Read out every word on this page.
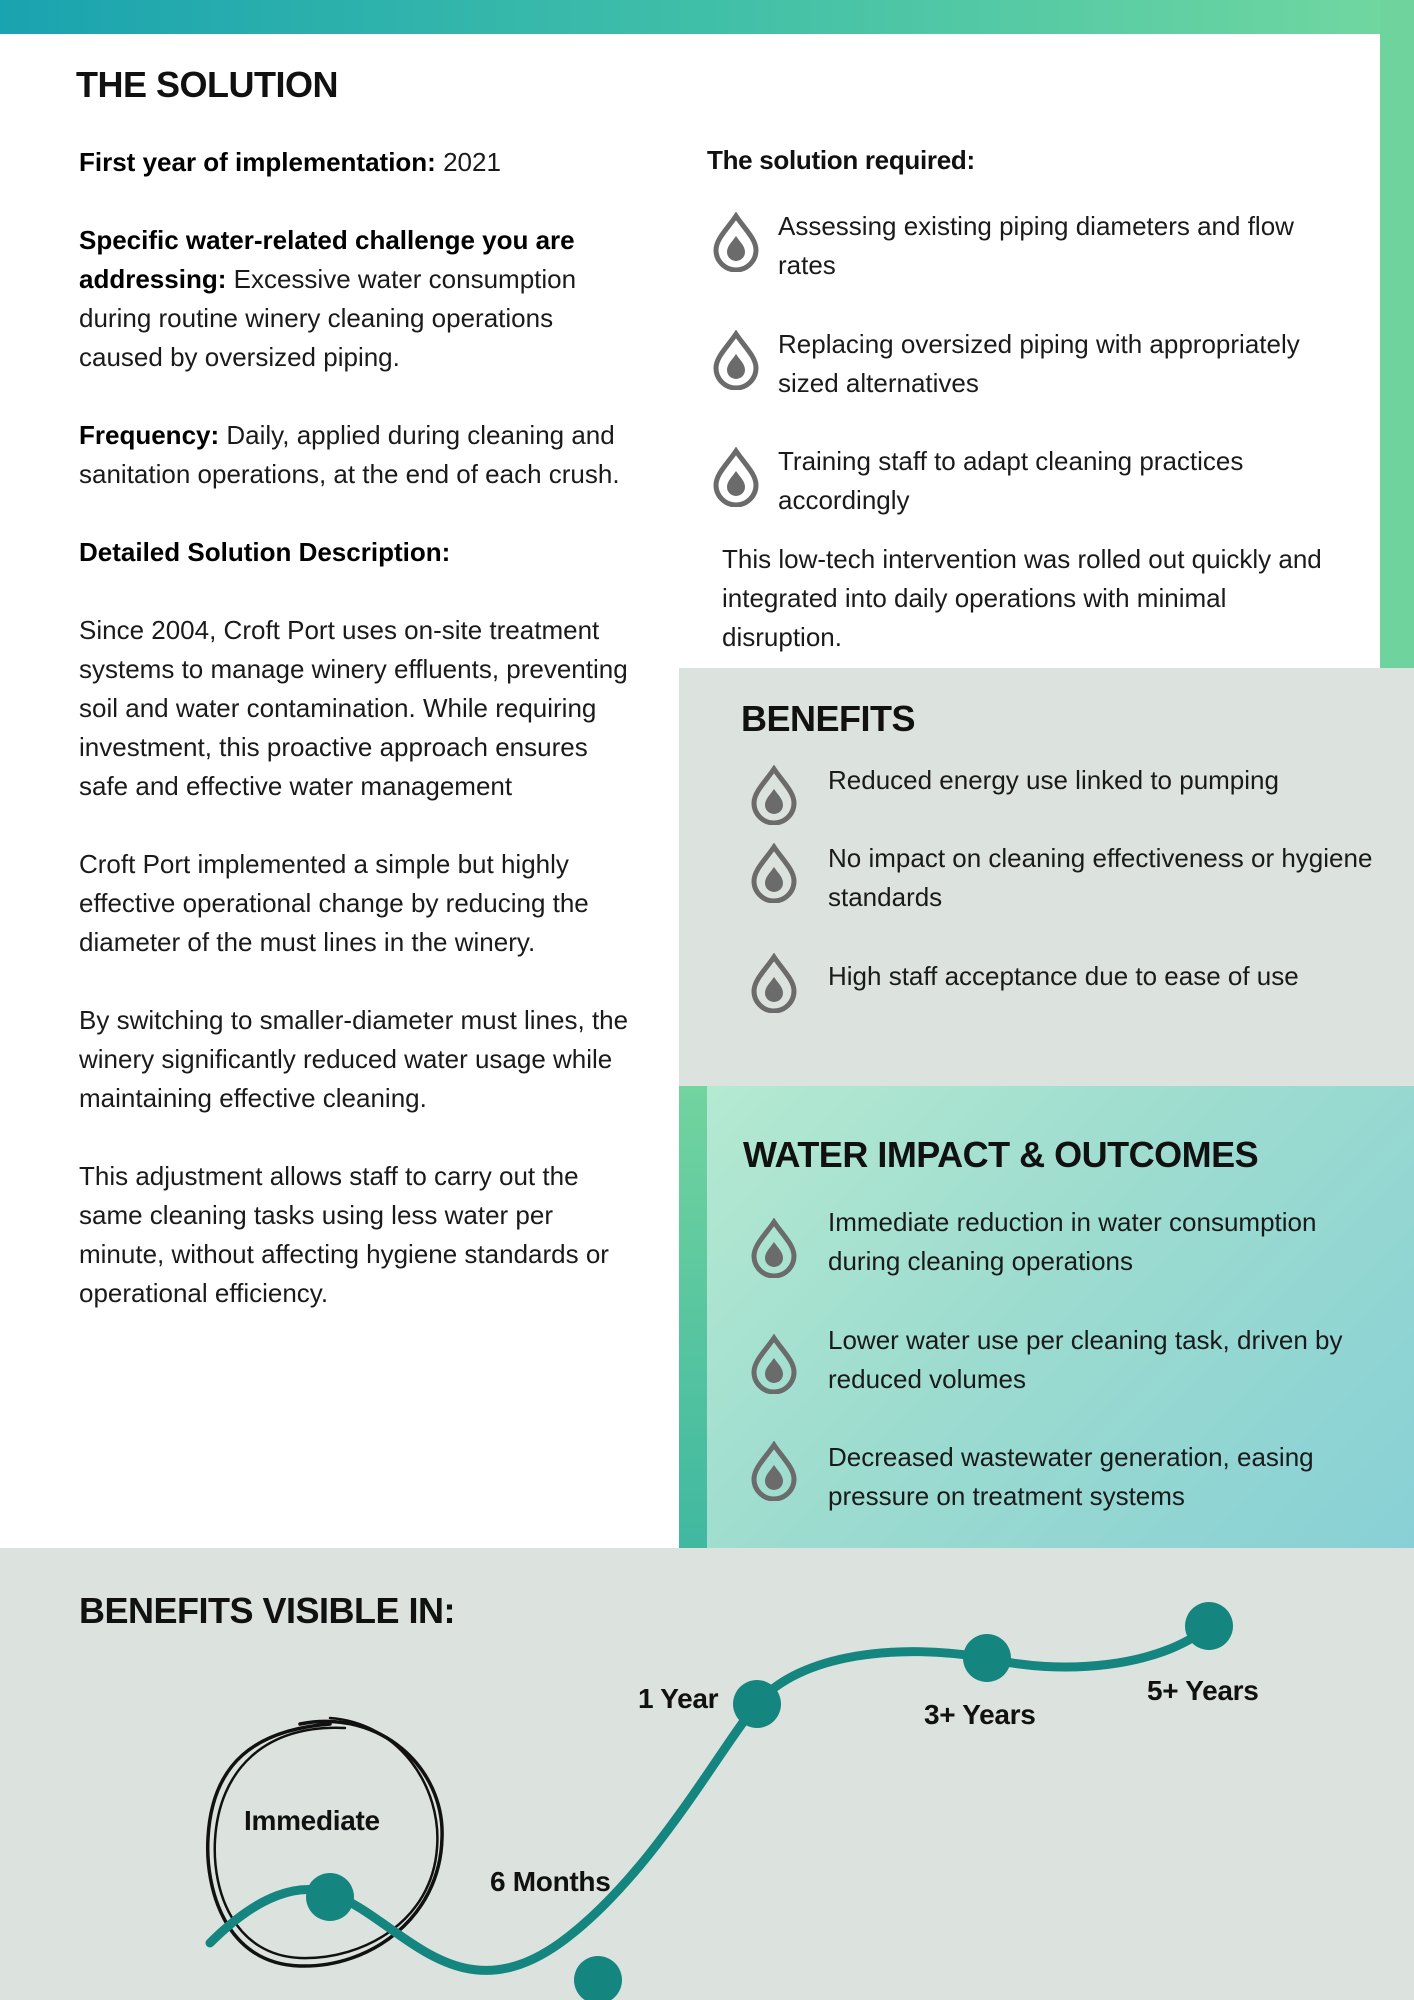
THE SOLUTION

First year of implementation: 2021

Specific water-related challenge you are addressing: Excessive water consumption during routine winery cleaning operations caused by oversized piping.

Frequency: Daily, applied during cleaning and sanitation operations, at the end of each crush.

Detailed Solution Description:

Since 2004, Croft Port uses on-site treatment systems to manage winery effluents, preventing soil and water contamination. While requiring investment, this proactive approach ensures safe and effective water management

Croft Port implemented a simple but highly effective operational change by reducing the diameter of the must lines in the winery.

By switching to smaller-diameter must lines, the winery significantly reduced water usage while maintaining effective cleaning.

This adjustment allows staff to carry out the same cleaning tasks using less water per minute, without affecting hygiene standards or operational efficiency.

The solution required:
Assessing existing piping diameters and flow rates
Replacing oversized piping with appropriately sized alternatives
Training staff to adapt cleaning practices accordingly
This low-tech intervention was rolled out quickly and integrated into daily operations with minimal disruption.
BENEFITS
Reduced energy use linked to pumping
No impact on cleaning effectiveness or hygiene standards
High staff acceptance due to ease of use
WATER IMPACT & OUTCOMES
Immediate reduction in water consumption during cleaning operations
Lower water use per cleaning task, driven by reduced volumes
Decreased wastewater generation, easing pressure on treatment systems
BENEFITS VISIBLE IN:
Immediate
6 Months
1 Year
3+ Years
5+ Years
